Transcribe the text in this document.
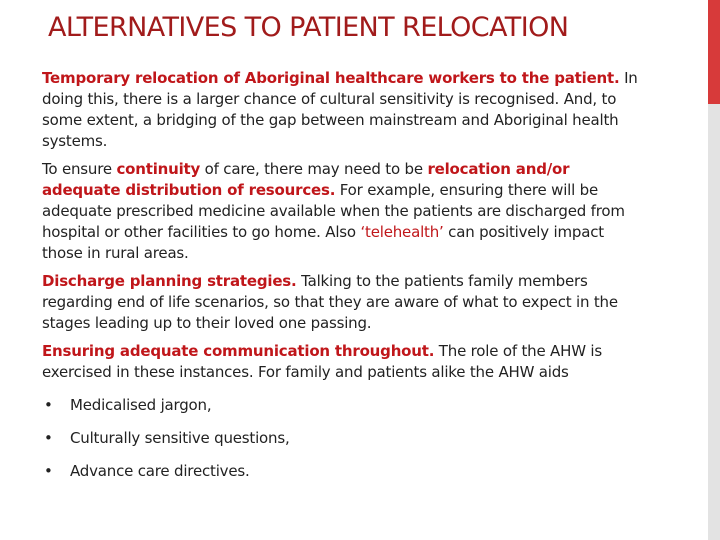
ALTERNATIVES TO PATIENT RELOCATION

Temporary relocation of Aboriginal healthcare workers to the patient. In doing this, there is a larger chance of cultural sensitivity is recognised. And, to some extent, a bridging of the gap between mainstream and Aboriginal health systems.

To ensure continuity of care, there may need to be relocation and/or adequate distribution of resources. For example, ensuring there will be adequate prescribed medicine available when the patients are discharged from hospital or other facilities to go home. Also ‘telehealth’ can positively impact those in rural areas.

Discharge planning strategies. Talking to the patients family members regarding end of life scenarios, so that they are aware of what to expect in the stages leading up to their loved one passing.

Ensuring adequate communication throughout. The role of the AHW is exercised in these instances. For family and patients alike the AHW aids

• Medicalised jargon,
• Culturally sensitive questions,
• Advance care directives.
